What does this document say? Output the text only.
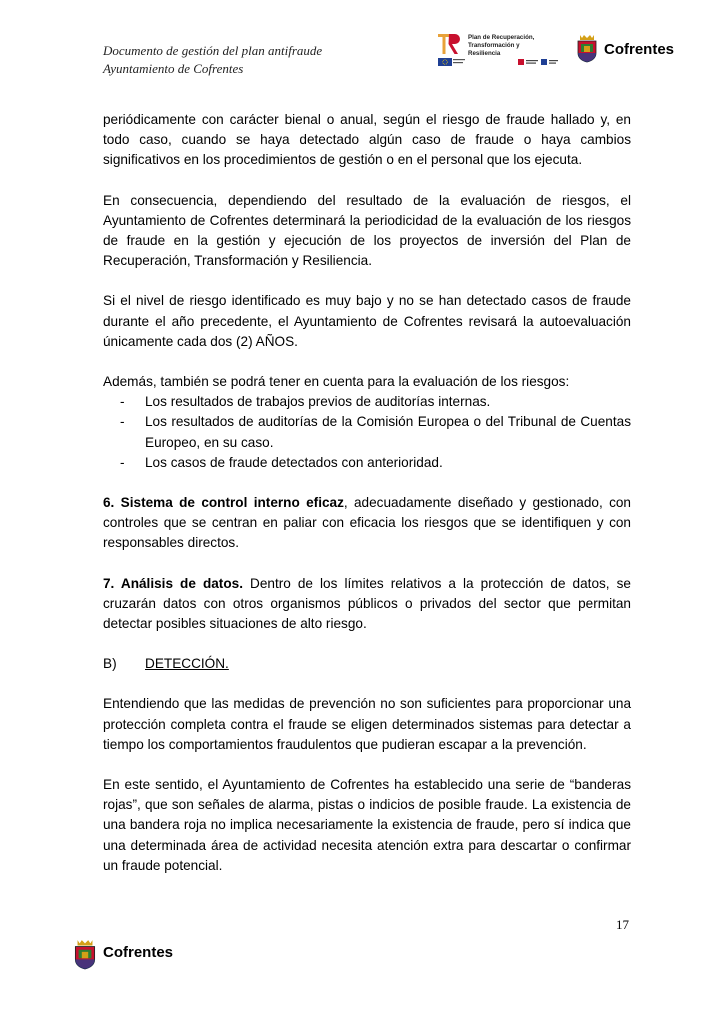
Documento de gestión del plan antifraude
Ayuntamiento de Cofrentes
Plan de Recuperación, Transformación y Resiliencia	Cofrentes

periódicamente con carácter bienal o anual, según el riesgo de fraude hallado y, en todo caso, cuando se haya detectado algún caso de fraude o haya cambios significativos en los procedimientos de gestión o en el personal que los ejecuta.

En consecuencia, dependiendo del resultado de la evaluación de riesgos, el Ayuntamiento de Cofrentes determinará la periodicidad de la evaluación de los riesgos de fraude en la gestión y ejecución de los proyectos de inversión del Plan de Recuperación, Transformación y Resiliencia.

Si el nivel de riesgo identificado es muy bajo y no se han detectado casos de fraude durante el año precedente, el Ayuntamiento de Cofrentes revisará la autoevaluación únicamente cada dos (2) AÑOS.

Además, también se podrá tener en cuenta para la evaluación de los riesgos:

- Los resultados de trabajos previos de auditorías internas.
- Los resultados de auditorías de la Comisión Europea o del Tribunal de Cuentas Europeo, en su caso.
- Los casos de fraude detectados con anterioridad.

6. Sistema de control interno eficaz, adecuadamente diseñado y gestionado, con controles que se centran en paliar con eficacia los riesgos que se identifiquen y con responsables directos.

7. Análisis de datos. Dentro de los límites relativos a la protección de datos, se cruzarán datos con otros organismos públicos o privados del sector que permitan detectar posibles situaciones de alto riesgo.

B)	DETECCIÓN.

Entendiendo que las medidas de prevención no son suficientes para proporcionar una protección completa contra el fraude se eligen determinados sistemas para detectar a tiempo los comportamientos fraudulentos que pudieran escapar a la prevención.

En este sentido, el Ayuntamiento de Cofrentes ha establecido una serie de “banderas rojas”, que son señales de alarma, pistas o indicios de posible fraude. La existencia de una bandera roja no implica necesariamente la existencia de fraude, pero sí indica que una determinada área de actividad necesita atención extra para descartar o confirmar un fraude potencial.

17
Cofrentes
